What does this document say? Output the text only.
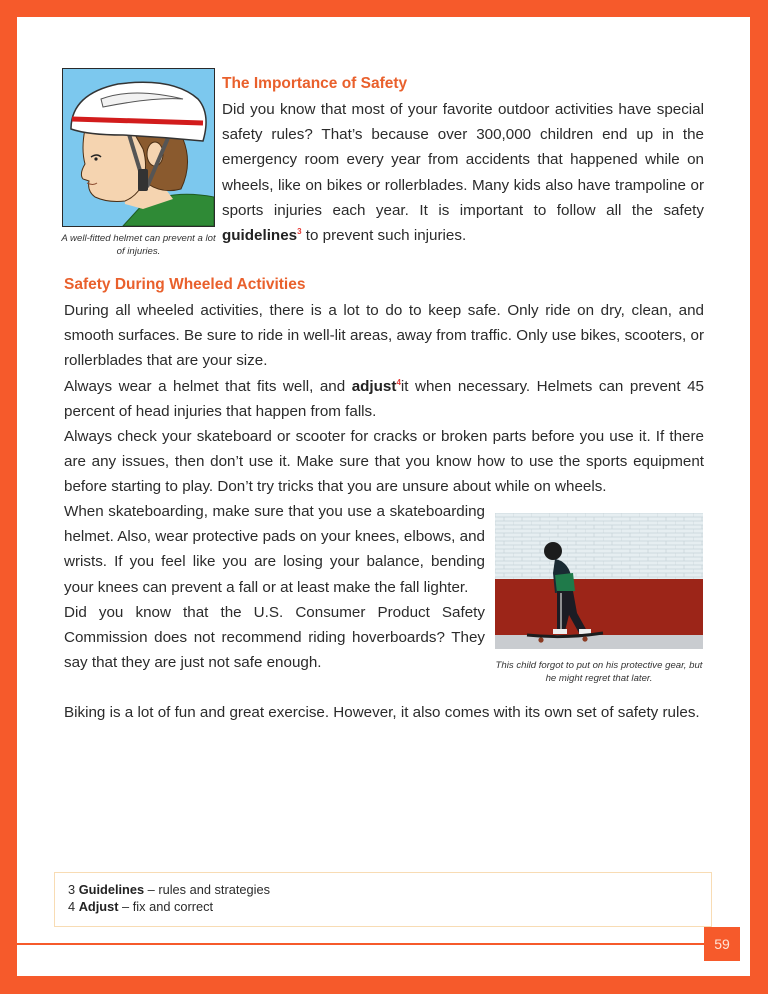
A well-fitted helmet can prevent a lot of injuries.
The Importance of Safety
Did you know that most of your favorite outdoor activities have special safety rules? That’s because over 300,000 children end up in the emergency room every year from accidents that happened while on wheels, like on bikes or rollerblades. Many kids also have trampoline or sports injuries each year. It is important to follow all the safety guidelines$^3$ to prevent such injuries.
Safety During Wheeled Activities
During all wheeled activities, there is a lot to do to keep safe. Only ride on dry, clean, and smooth surfaces. Be sure to ride in well-lit areas, away from traffic. Only use bikes, scooters, or rollerblades that are your size.
Always wear a helmet that fits well, and adjust$^4$it when necessary. Helmets can prevent 45 percent of head injuries that happen from falls.
Always check your skateboard or scooter for cracks or broken parts before you use it. If there are any issues, then don’t use it. Make sure that you know how to use the sports equipment before starting to play. Don’t try tricks that you are unsure about while on wheels.
When skateboarding, make sure that you use a skateboarding helmet. Also, wear protective pads on your knees, elbows, and wrists. If you feel like you are losing your balance, bending your knees can prevent a fall or at least make the fall lighter.
Did you know that the U.S. Consumer Product Safety Commission does not recommend riding hoverboards? They say that they are just not safe enough.
Biking is a lot of fun and great exercise. However, it also comes with its own set of safety rules.
This child forgot to put on his protective gear, but he might regret that later.
3 Guidelines – rules and strategies
4 Adjust – fix and correct
59
